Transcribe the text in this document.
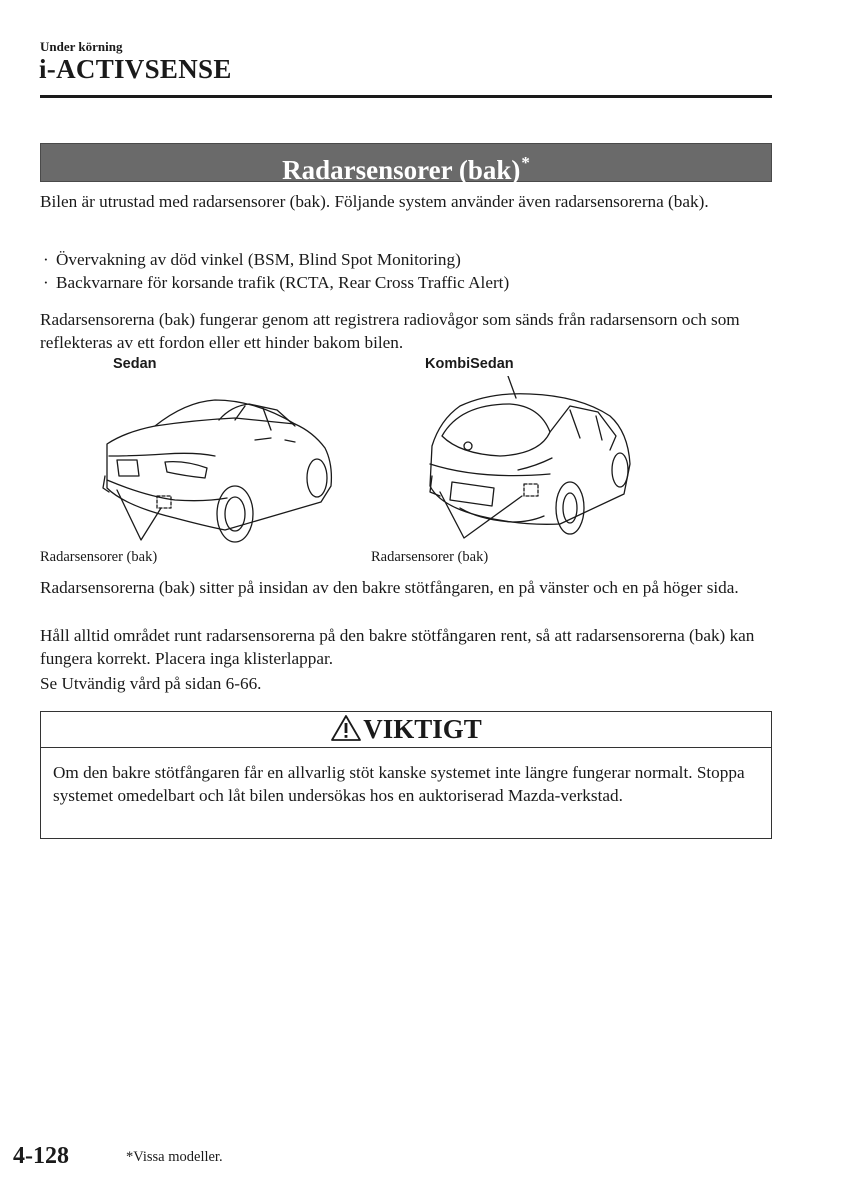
Under körning
i-ACTIVSENSE
Radarsensorer (bak)*

Bilen är utrustad med radarsensorer (bak). Följande system använder även radarsensorerna (bak).

· Övervakning av död vinkel (BSM, Blind Spot Monitoring)
· Backvarnare för korsande trafik (RCTA, Rear Cross Traffic Alert)

Radarsensorerna (bak) fungerar genom att registrera radiovågor som sänds från radarsensorn och som reflekteras av ett fordon eller ett hinder bakom bilen.

Sedan
Radarsensorer (bak)
KombiSedan
Radarsensorer (bak)

Radarsensorerna (bak) sitter på insidan av den bakre stötfångaren, en på vänster och en på höger sida.

Håll alltid området runt radarsensorerna på den bakre stötfångaren rent, så att radarsensorerna (bak) kan fungera korrekt. Placera inga klisterlappar.

Se Utvändig vård på sidan 6-66.

VIKTIGT
Om den bakre stötfångaren får en allvarlig stöt kanske systemet inte längre fungerar normalt. Stoppa systemet omedelbart och låt bilen undersökas hos en auktoriserad Mazda-verkstad.
4-128	*Vissa modeller.
